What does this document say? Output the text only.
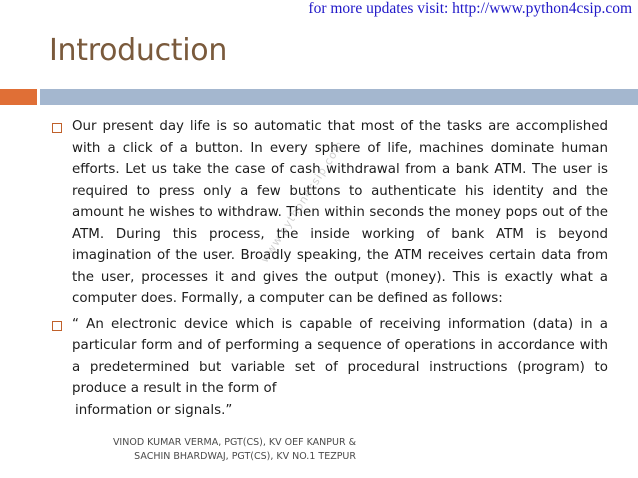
for more updates visit: http://www.python4csip.com
Introduction
Our present day life is so automatic that most of the tasks are accomplished with a click of a button. In every sphere of life, machines dominate human efforts. Let us take the case of cash withdrawal from a bank ATM. The user is required to press only a few buttons to authenticate his identity and the amount he wishes to withdraw. Then within seconds the money pops out of the ATM. During this process, the inside working of bank ATM is beyond imagination of the user. Broadly speaking, the ATM receives certain data from the user, processes it and gives the output (money). This is exactly what a computer does. Formally, a computer can be defined as follows:
“ An electronic device which is capable of receiving information (data) in a particular form and of performing a sequence of operations in accordance with a predetermined but variable set of procedural instructions (program) to produce a result in the form of
information or signals.”
VINOD KUMAR VERMA, PGT(CS), KV OEF KANPUR &
SACHIN BHARDWAJ, PGT(CS), KV NO.1 TEZPUR
www.python4csip.com
